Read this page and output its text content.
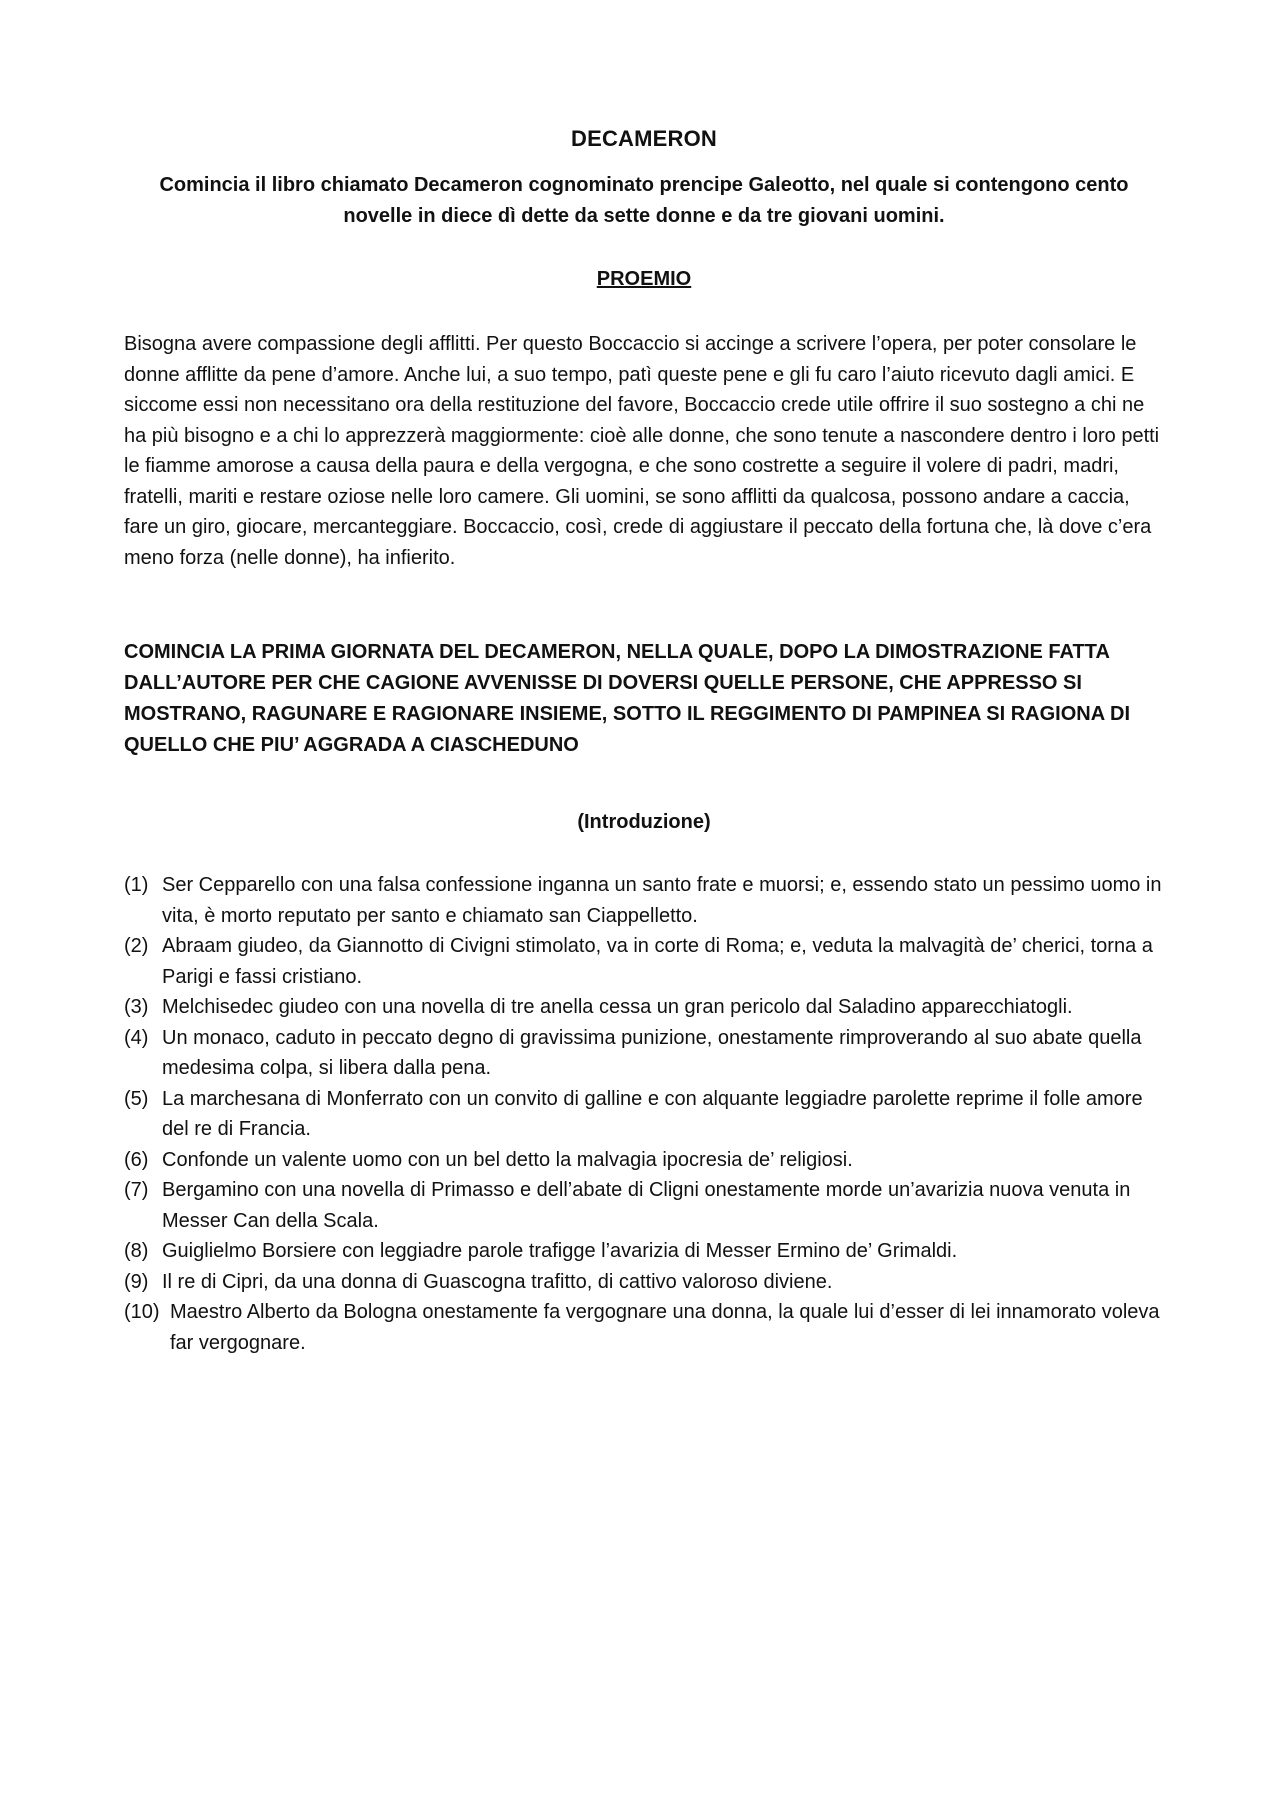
DECAMERON

Comincia il libro chiamato Decameron cognominato prencipe Galeotto, nel quale si contengono cento novelle in diece dì dette da sette donne e da tre giovani uomini.

PROEMIO

Bisogna avere compassione degli afflitti. Per questo Boccaccio si accinge a scrivere l’opera, per poter consolare le donne afflitte da pene d’amore. Anche lui, a suo tempo, patì queste pene e gli fu caro l’aiuto ricevuto dagli amici. E siccome essi non necessitano ora della restituzione del favore, Boccaccio crede utile offrire il suo sostegno a chi ne ha più bisogno e a chi lo apprezzerà maggiormente: cioè alle donne, che sono tenute a nascondere dentro i loro petti le fiamme amorose a causa della paura e della vergogna, e che sono costrette a seguire il volere di padri, madri, fratelli, mariti e restare oziose nelle loro camere. Gli uomini, se sono afflitti da qualcosa, possono andare a caccia, fare un giro, giocare, mercanteggiare. Boccaccio, così, crede di aggiustare il peccato della fortuna che, là dove c’era meno forza (nelle donne), ha infierito.

COMINCIA LA PRIMA GIORNATA DEL DECAMERON, NELLA QUALE, DOPO LA DIMOSTRAZIONE FATTA DALL’AUTORE PER CHE CAGIONE AVVENISSE DI DOVERSI QUELLE PERSONE, CHE APPRESSO SI MOSTRANO, RAGUNARE E RAGIONARE INSIEME, SOTTO IL REGGIMENTO DI PAMPINEA SI RAGIONA DI QUELLO CHE PIU’ AGGRADA A CIASCHEDUNO
(Introduzione)
(1) Ser Cepparello con una falsa confessione inganna un santo frate e muorsi; e, essendo stato un pessimo uomo in vita, è morto reputato per santo e chiamato san Ciappelletto.
(2) Abraam giudeo, da Giannotto di Civigni stimolato, va in corte di Roma; e, veduta la malvagità de’ cherici, torna a Parigi e fassi cristiano.
(3) Melchisedec giudeo con una novella di tre anella cessa un gran pericolo dal Saladino apparecchiatogli.
(4) Un monaco, caduto in peccato degno di gravissima punizione, onestamente rimproverando al suo abate quella medesima colpa, si libera dalla pena.
(5) La marchesana di Monferrato con un convito di galline e con alquante leggiadre parolette reprime il folle amore del re di Francia.
(6) Confonde un valente uomo con un bel detto la malvagia ipocresia de’ religiosi.
(7) Bergamino con una novella di Primasso e dell’abate di Cligni onestamente morde un’avarizia nuova venuta in Messer Can della Scala.
(8) Guiglielmo Borsiere con leggiadre parole trafigge l’avarizia di Messer Ermino de’ Grimaldi.
(9) Il re di Cipri, da una donna di Guascogna trafitto, di cattivo valoroso diviene.
(10) Maestro Alberto da Bologna onestamente fa vergognare una donna, la quale lui d’esser di lei innamorato voleva far vergognare.
